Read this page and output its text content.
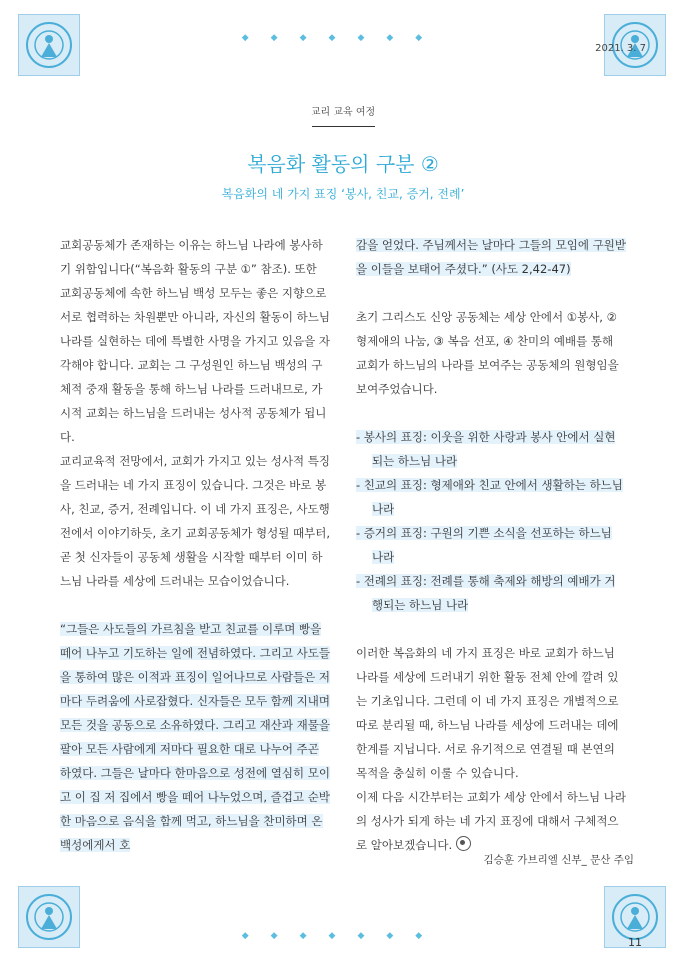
◆◆◆◆◆◆◆
◆◆◆◆◆◆◆
2021. 3. 7
교리 교육 여정
복음화 활동의 구분 ②
복음화의 네 가지 표징 ‘봉사, 친교, 증거, 전례’

교회공동체가 존재하는 이유는 하느님 나라에 봉사하기 위함입니다(“복음화 활동의 구분 ①” 참조). 또한 교회공동체에 속한 하느님 백성 모두는 좋은 지향으로 서로 협력하는 차원뿐만 아니라, 자신의 활동이 하느님 나라를 실현하는 데에 특별한 사명을 가지고 있음을 자각해야 합니다. 교회는 그 구성원인 하느님 백성의 구체적 중재 활동을 통해 하느님 나라를 드러내므로, 가시적 교회는 하느님을 드러내는 성사적 공동체가 됩니다.

교리교육적 전망에서, 교회가 가지고 있는 성사적 특징을 드러내는 네 가지 표징이 있습니다. 그것은 바로 봉사, 친교, 증거, 전례입니다. 이 네 가지 표징은, 사도행전에서 이야기하듯, 초기 교회공동체가 형성될 때부터, 곧 첫 신자들이 공동체 생활을 시작할 때부터 이미 하느님 나라를 세상에 드러내는 모습이었습니다.

“그들은 사도들의 가르침을 받고 친교를 이루며 빵을 떼어 나누고 기도하는 일에 전념하였다. 그리고 사도들을 통하여 많은 이적과 표징이 일어나므로 사람들은 저마다 두려움에 사로잡혔다. 신자들은 모두 함께 지내며 모든 것을 공동으로 소유하였다. 그리고 재산과 재물을 팔아 모든 사람에게 저마다 필요한 대로 나누어 주곤 하였다. 그들은 날마다 한마음으로 성전에 열심히 모이고 이 집 저 집에서 빵을 떼어 나누었으며, 즐겁고 순박한 마음으로 음식을 함께 먹고, 하느님을 찬미하며 온 백성에게서 호

감을 얻었다. 주님께서는 날마다 그들의 모임에 구원받을 이들을 보태어 주셨다.” (사도 2,42-47)

초기 그리스도 신앙 공동체는 세상 안에서 ①봉사, ② 형제애의 나눔, ③ 복음 선포, ④ 찬미의 예배를 통해 교회가 하느님의 나라를 보여주는 공동체의 원형임을 보여주었습니다.

- 봉사의 표징: 이웃을 위한 사랑과 봉사 안에서 실현되는 하느님 나라

- 친교의 표징: 형제애와 친교 안에서 생활하는 하느님 나라

- 증거의 표징: 구원의 기쁜 소식을 선포하는 하느님 나라

- 전례의 표징: 전례를 통해 축제와 해방의 예배가 거행되는 하느님 나라

이러한 복음화의 네 가지 표징은 바로 교회가 하느님 나라를 세상에 드러내기 위한 활동 전체 안에 깔려 있는 기초입니다. 그런데 이 네 가지 표징은 개별적으로 따로 분리될 때, 하느님 나라를 세상에 드러내는 데에 한계를 지닙니다. 서로 유기적으로 연결될 때 본연의 목적을 충실히 이룰 수 있습니다.

이제 다음 시간부터는 교회가 세상 안에서 하느님 나라의 성사가 되게 하는 네 가지 표징에 대해서 구체적으로 알아보겠습니다.

김승훈 가브리엘 신부_ 문산 주임
11
